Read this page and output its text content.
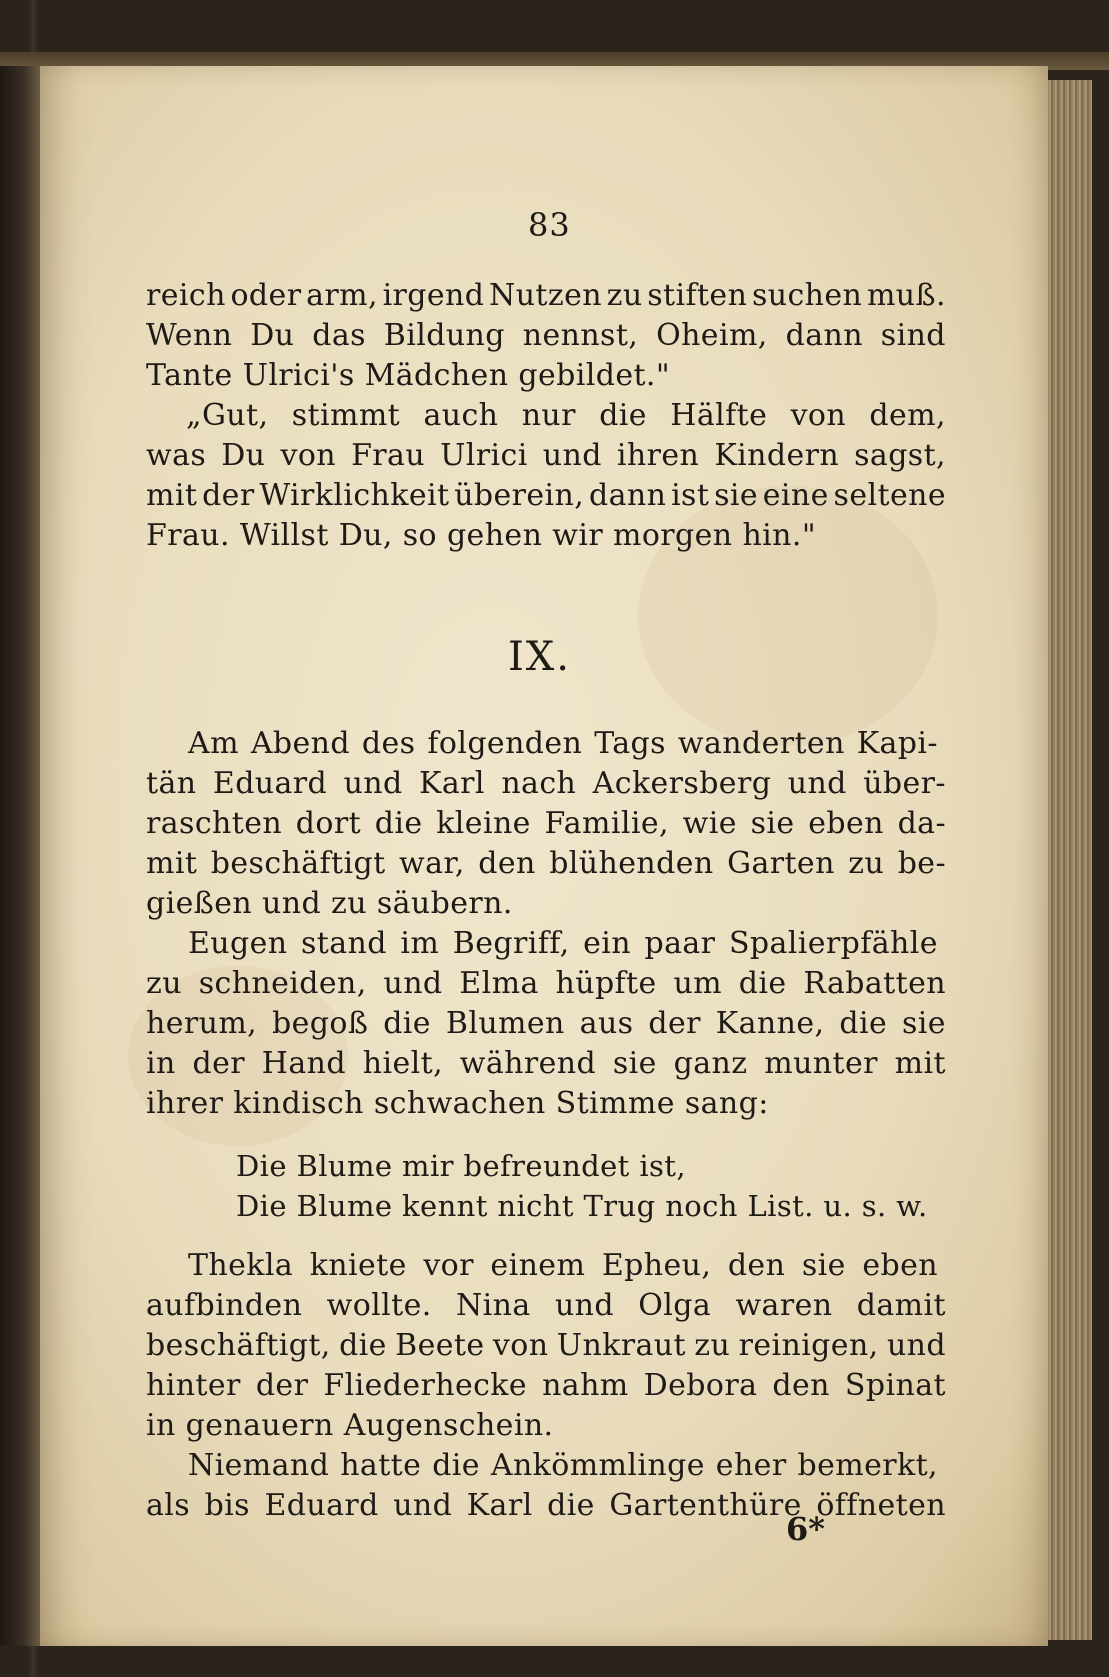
83
reich oder arm, irgend Nutzen zu stiften suchen muß.
Wenn Du das Bildung nennst, Oheim, dann sind
Tante Ulrici's Mädchen gebildet."
„Gut, stimmt auch nur die Hälfte von dem,
was Du von Frau Ulrici und ihren Kindern sagst,
mit der Wirklichkeit überein, dann ist sie eine seltene
Frau. Willst Du, so gehen wir morgen hin."
IX.
Am Abend des folgenden Tags wanderten Kapi-
tän Eduard und Karl nach Ackersberg und über-
raschten dort die kleine Familie, wie sie eben da-
mit beschäftigt war, den blühenden Garten zu be-
gießen und zu säubern.
Eugen stand im Begriff, ein paar Spalierpfähle
zu schneiden, und Elma hüpfte um die Rabatten
herum, begoß die Blumen aus der Kanne, die sie
in der Hand hielt, während sie ganz munter mit
ihrer kindisch schwachen Stimme sang:
Die Blume mir befreundet ist,
Die Blume kennt nicht Trug noch List. u. s. w.
Thekla kniete vor einem Epheu, den sie eben
aufbinden wollte. Nina und Olga waren damit
beschäftigt, die Beete von Unkraut zu reinigen, und
hinter der Fliederhecke nahm Debora den Spinat
in genauern Augenschein.
Niemand hatte die Ankömmlinge eher bemerkt,
als bis Eduard und Karl die Gartenthüre öffneten
6*
